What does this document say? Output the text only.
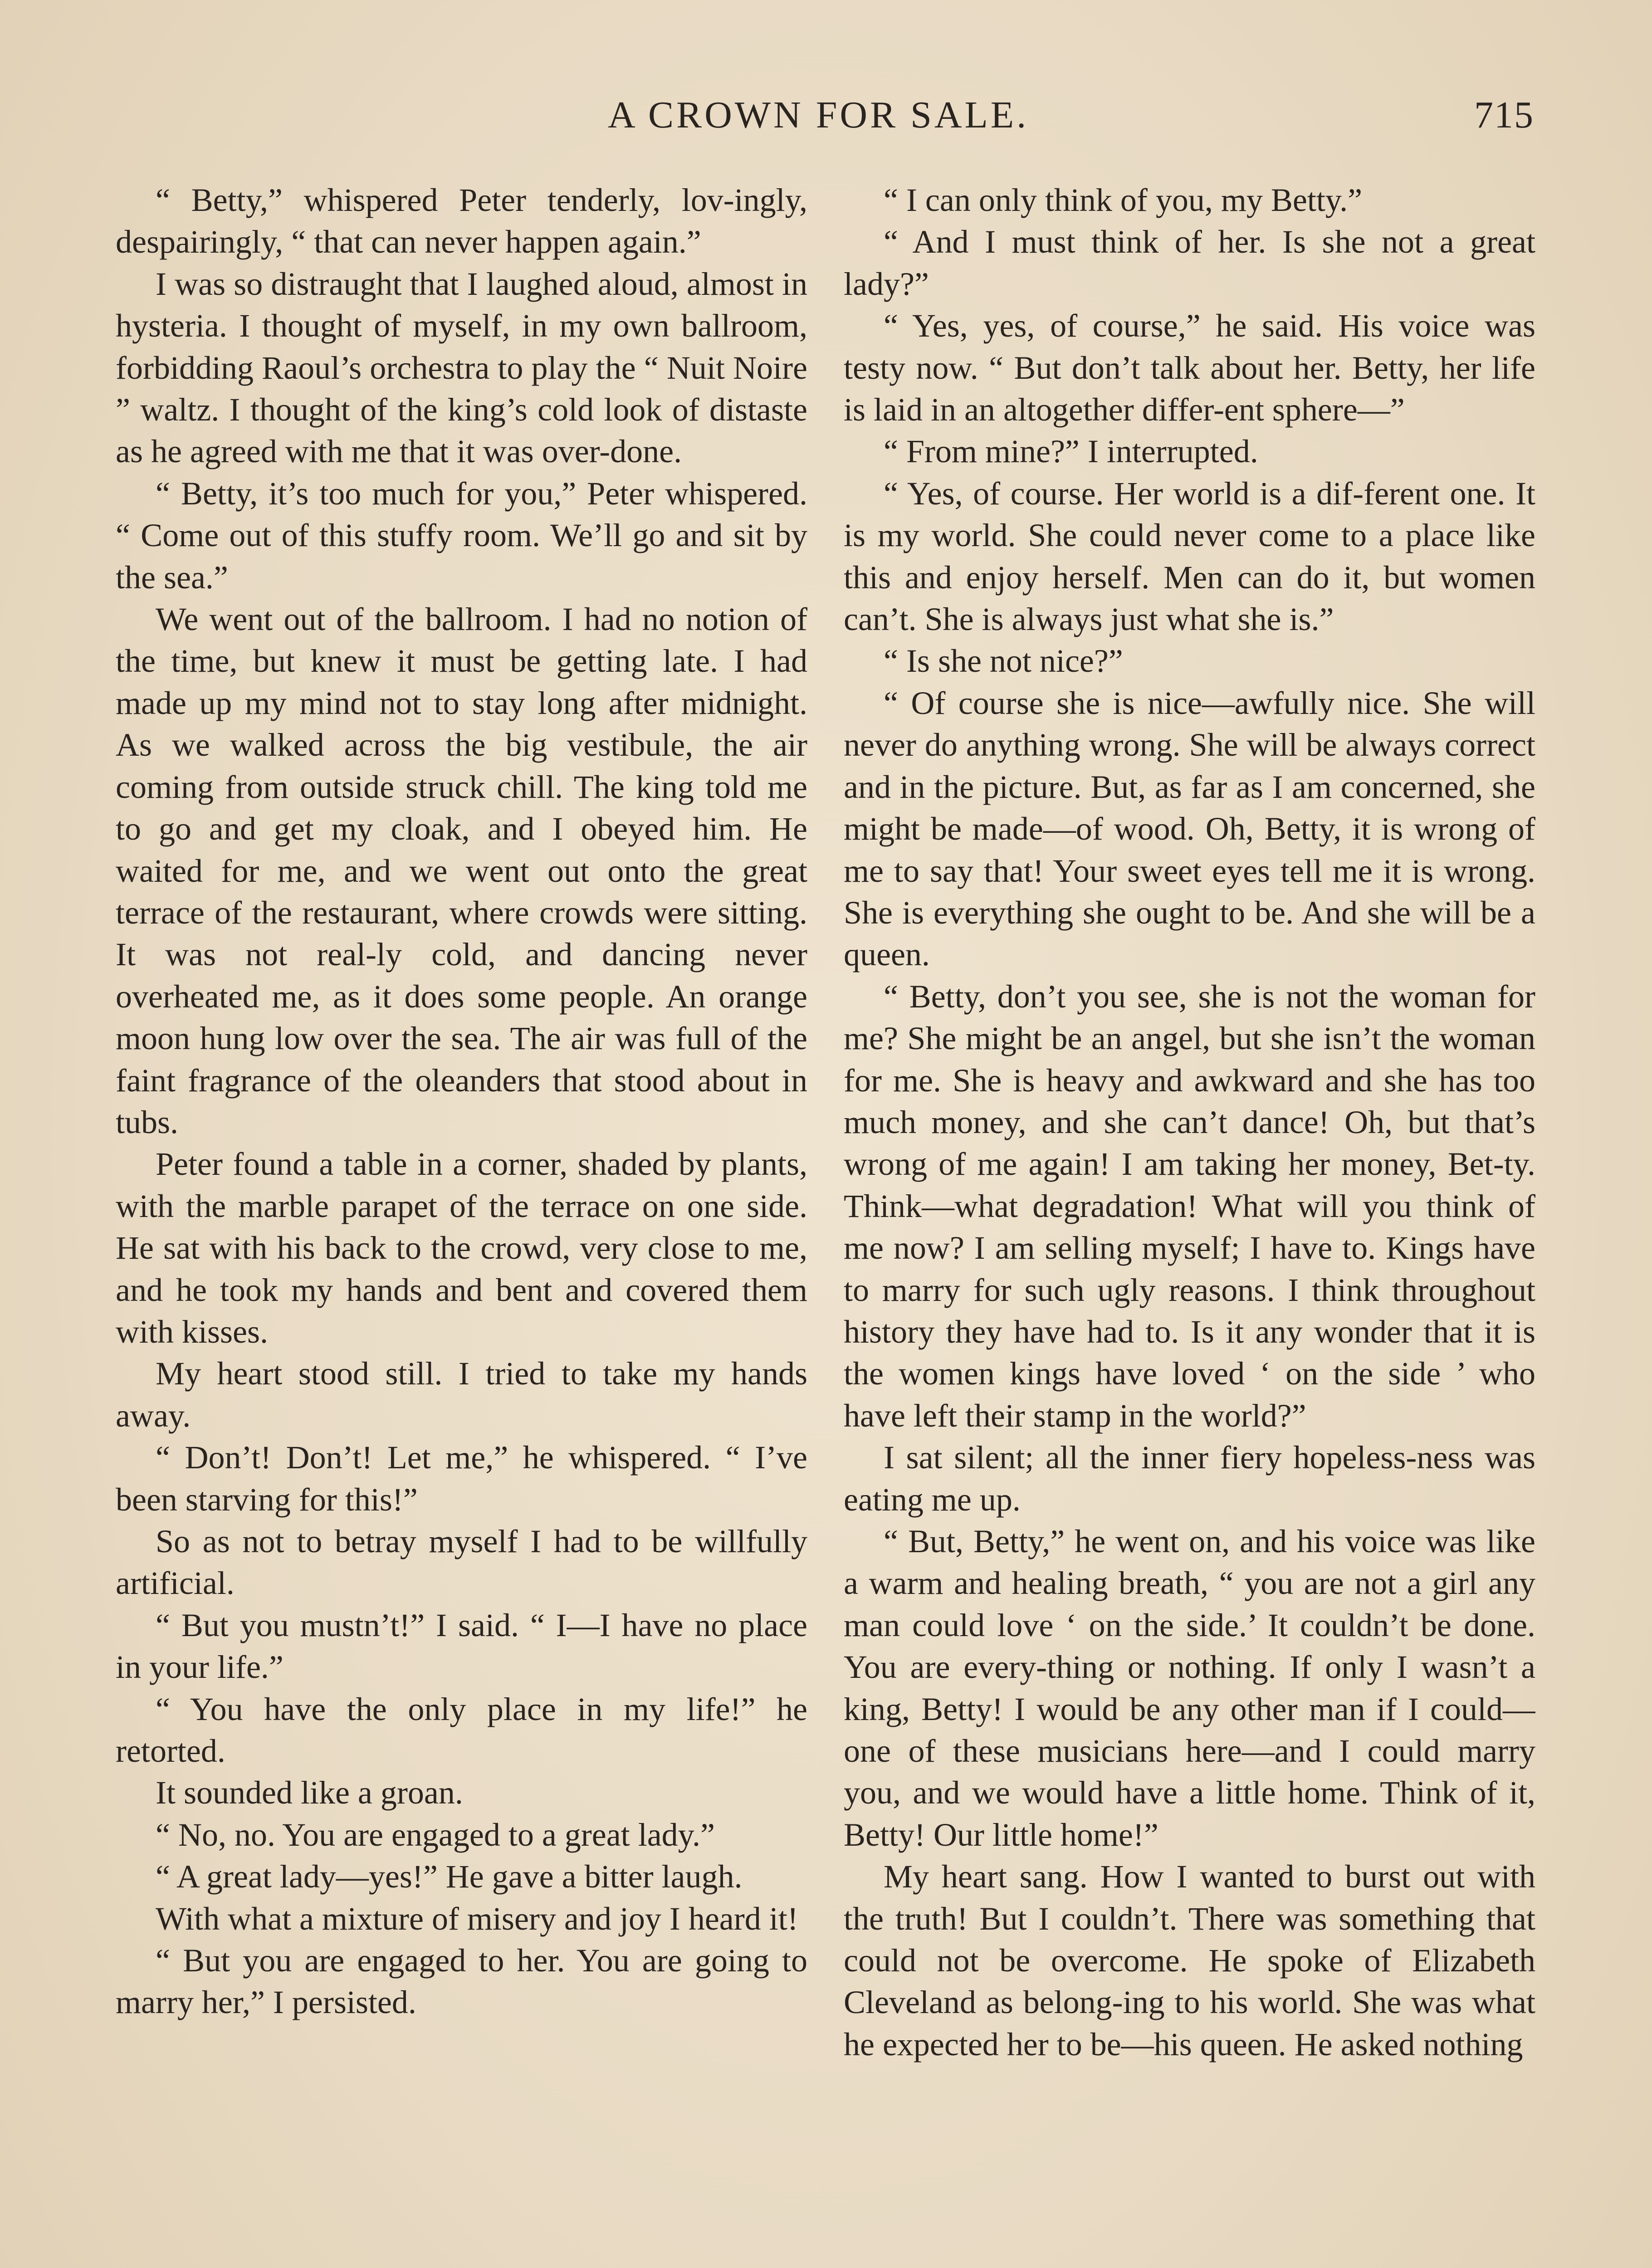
A CROWN FOR SALE.	715

“ Betty,” whispered Peter tenderly, lov-ingly, despairingly, “ that can never happen again.”

I was so distraught that I laughed aloud, almost in hysteria. I thought of myself, in my own ballroom, forbidding Raoul’s orchestra to play the “ Nuit Noire ” waltz. I thought of the king’s cold look of distaste as he agreed with me that it was over-done.

“ Betty, it’s too much for you,” Peter whispered. “ Come out of this stuffy room. We’ll go and sit by the sea.”

We went out of the ballroom. I had no notion of the time, but knew it must be getting late. I had made up my mind not to stay long after midnight. As we walked across the big vestibule, the air coming from outside struck chill. The king told me to go and get my cloak, and I obeyed him. He waited for me, and we went out onto the great terrace of the restaurant, where crowds were sitting. It was not real-ly cold, and dancing never overheated me, as it does some people. An orange moon hung low over the sea. The air was full of the faint fragrance of the oleanders that stood about in tubs.

Peter found a table in a corner, shaded by plants, with the marble parapet of the terrace on one side. He sat with his back to the crowd, very close to me, and he took my hands and bent and covered them with kisses.

My heart stood still. I tried to take my hands away.

“ Don’t! Don’t! Let me,” he whispered. “ I’ve been starving for this!”

So as not to betray myself I had to be willfully artificial.

“ But you mustn’t!” I said. “ I—I have no place in your life.”

“ You have the only place in my life!” he retorted.

It sounded like a groan.

“ No, no. You are engaged to a great lady.”

“ A great lady—yes!” He gave a bitter laugh.

With what a mixture of misery and joy I heard it!

“ But you are engaged to her. You are going to marry her,” I persisted.

“ I can only think of you, my Betty.”

“ And I must think of her. Is she not a great lady?”

“ Yes, yes, of course,” he said. His voice was testy now. “ But don’t talk about her. Betty, her life is laid in an altogether differ-ent sphere—”

“ From mine?” I interrupted.

“ Yes, of course. Her world is a dif-ferent one. It is my world. She could never come to a place like this and enjoy herself. Men can do it, but women can’t. She is always just what she is.”

“ Is she not nice?”

“ Of course she is nice—awfully nice. She will never do anything wrong. She will be always correct and in the picture. But, as far as I am concerned, she might be made—of wood. Oh, Betty, it is wrong of me to say that! Your sweet eyes tell me it is wrong. She is everything she ought to be. And she will be a queen.

“ Betty, don’t you see, she is not the woman for me? She might be an angel, but she isn’t the woman for me. She is heavy and awkward and she has too much money, and she can’t dance! Oh, but that’s wrong of me again! I am taking her money, Bet-ty. Think—what degradation! What will you think of me now? I am selling myself; I have to. Kings have to marry for such ugly reasons. I think throughout history they have had to. Is it any wonder that it is the women kings have loved ‘ on the side ’ who have left their stamp in the world?”

I sat silent; all the inner fiery hopeless-ness was eating me up.

“ But, Betty,” he went on, and his voice was like a warm and healing breath, “ you are not a girl any man could love ‘ on the side.’ It couldn’t be done. You are every-thing or nothing. If only I wasn’t a king, Betty! I would be any other man if I could—one of these musicians here—and I could marry you, and we would have a little home. Think of it, Betty! Our little home!”

My heart sang. How I wanted to burst out with the truth! But I couldn’t. There was something that could not be overcome. He spoke of Elizabeth Cleveland as belong-ing to his world. She was what he expected her to be—his queen. He asked nothing
